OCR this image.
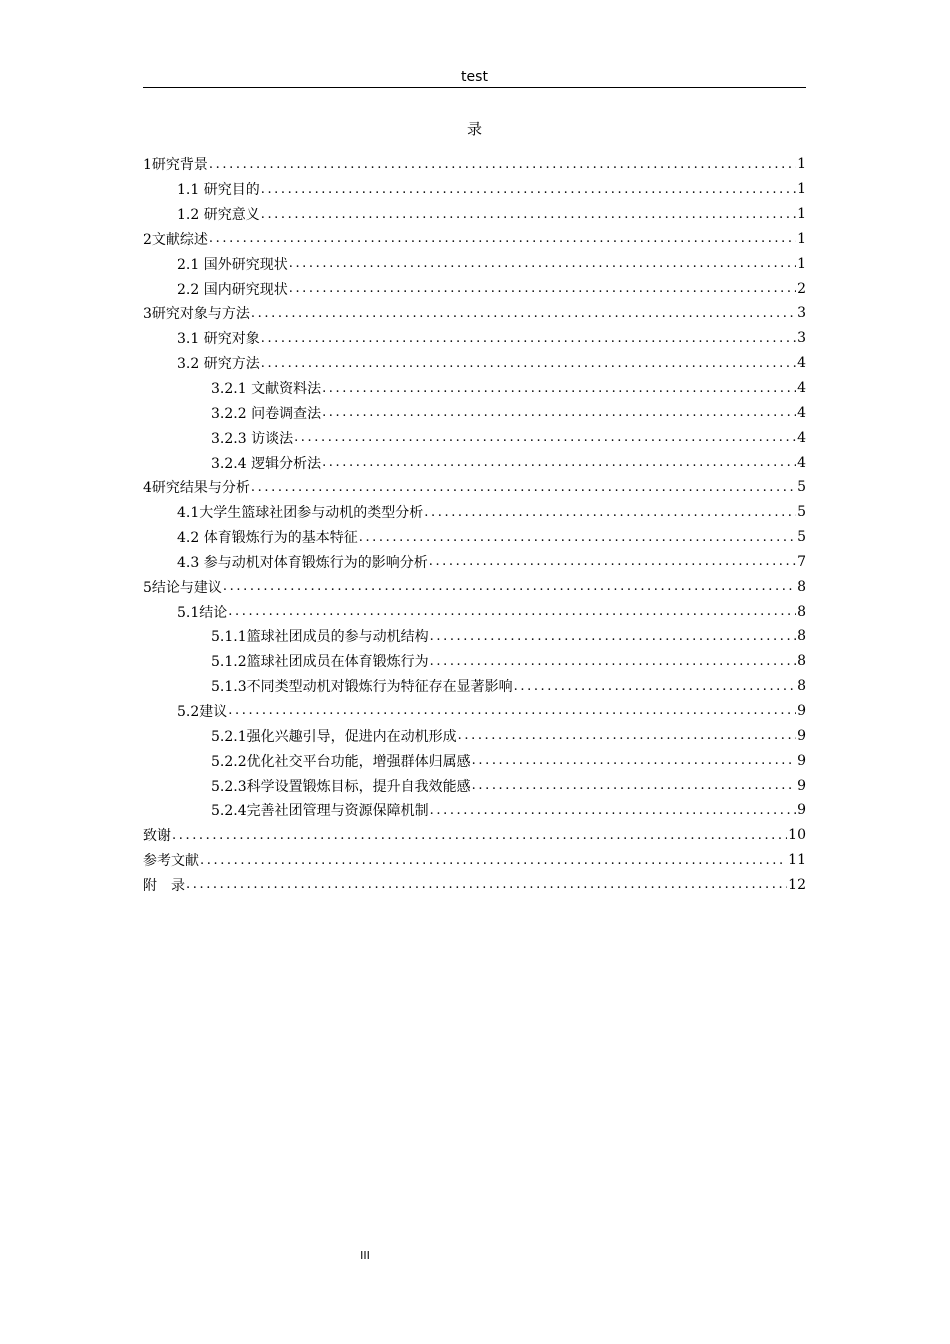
test
录
1研究背景 .....	1
1.1 研究目的 .....	1
1.2 研究意义 .....	1
2文献综述 .....	1
2.1 国外研究现状 .....	1
2.2 国内研究现状 .....	2
3研究对象与方法 .....	3
3.1 研究对象 .....	3
3.2 研究方法 .....	4
3.2.1 文献资料法 .....	4
3.2.2 问卷调查法 .....	4
3.2.3 访谈法 .....	4
3.2.4 逻辑分析法 .....	4
4研究结果与分析 .....	5
4.1大学生篮球社团参与动机的类型分析 .....	5
4.2 体育锻炼行为的基本特征 .....	5
4.3 参与动机对体育锻炼行为的影响分析 .....	7
5结论与建议 .....	8
5.1结论 .....	8
5.1.1篮球社团成员的参与动机结构 .....	8
5.1.2篮球社团成员在体育锻炼行为 .....	8
5.1.3不同类型动机对锻炼行为特征存在显著影响 .....	8
5.2建议 .....	9
5.2.1强化兴趣引导，促进内在动机形成 .....	9
5.2.2优化社交平台功能，增强群体归属感 .....	9
5.2.3科学设置锻炼目标，提升自我效能感 .....	9
5.2.4完善社团管理与资源保障机制 .....	9
致谢 .....	10
参考文献 .....	11
附　录 .....	12
III
